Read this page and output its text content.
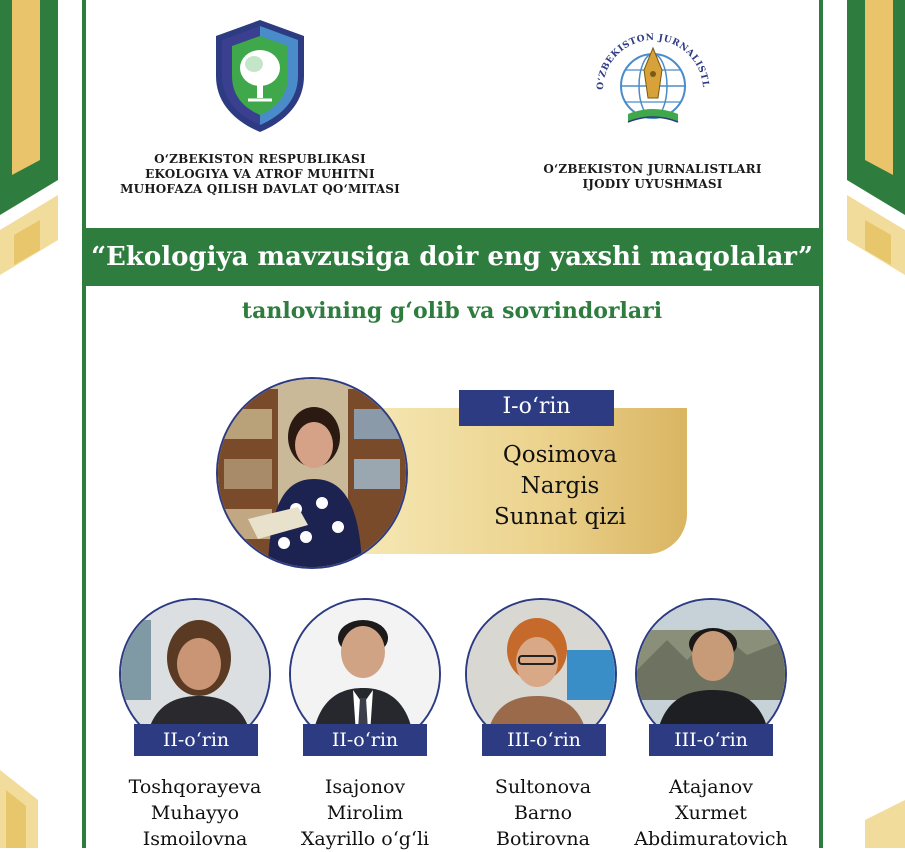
O‘ZBEKISTON RESPUBLIKASI
EKOLOGIYA VA ATROF MUHITNI
MUHOFAZA QILISH DAVLAT QO‘MITASI
O‘ZBEKISTON JURNALISTL
O‘ZBEKISTON JURNALISTLARI
IJODIY UYUSHMASI
“Ekologiya mavzusiga doir eng yaxshi maqolalar”
tanlovining g‘olib va sovrindorlari
I-o‘rin
Qosimova
Nargis
Sunnat qizi
II-o‘rin	II-o‘rin	III-o‘rin	III-o‘rin
Toshqorayeva
Muhayyo
Ismoilovna
Isajonov
Mirolim
Xayrillo o‘g‘li
Sultonova
Barno
Botirovna
Atajanov
Xurmet
Abdimuratovich
